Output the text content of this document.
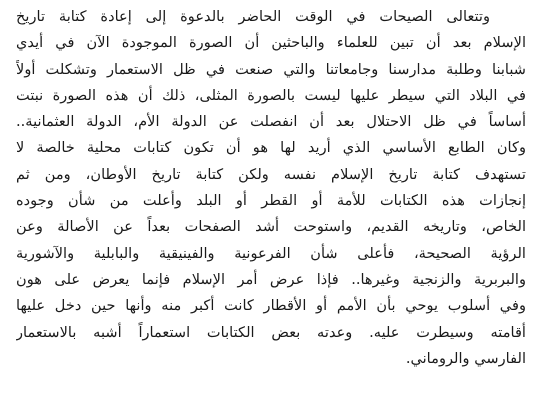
وتتعالى الصيحات في الوقت الحاضر بالدعوة إلى إعادة كتابة تاريخ
الإسلام بعد أن تبين للعلماء والباحثين أن الصورة الموجودة الآن في أيدي
شبابنا وطلبة مدارسنا وجامعاتنا والتي صنعت في ظل الاستعمار وتشكلت أولاً
في البلاد التي سيطر عليها ليست بالصورة المثلى، ذلك أن هذه الصورة نبتت
أساساً في ظل الاحتلال بعد أن انفصلت عن الدولة الأم، الدولة العثمانية..
وكان الطابع الأساسي الذي أريد لها هو أن تكون كتابات محلية خالصة لا
تستهدف كتابة تاريخ الإسلام نفسه ولكن كتابة تاريخ الأوطان، ومن ثم
إنجازات هذه الكتابات للأمة أو القطر أو البلد وأعلت من شأن وجوده
الخاص، وتاريخه القديم، واستوحت أشد الصفحات بعداً عن الأصالة وعن
الرؤية الصحيحة، فأعلى شأن الفرعونية والفينيقية والبابلية والآشورية
والبربرية والزنجية وغيرها.. فإذا عرض أمر الإسلام فإنما يعرض على هون
وفي أسلوب يوحي بأن الأمم أو الأقطار كانت أكبر منه وأنها حين دخل عليها
أقامته وسيطرت عليه. وعدته بعض الكتابات استعماراً أشبه بالاستعمار
الفارسي والروماني.
